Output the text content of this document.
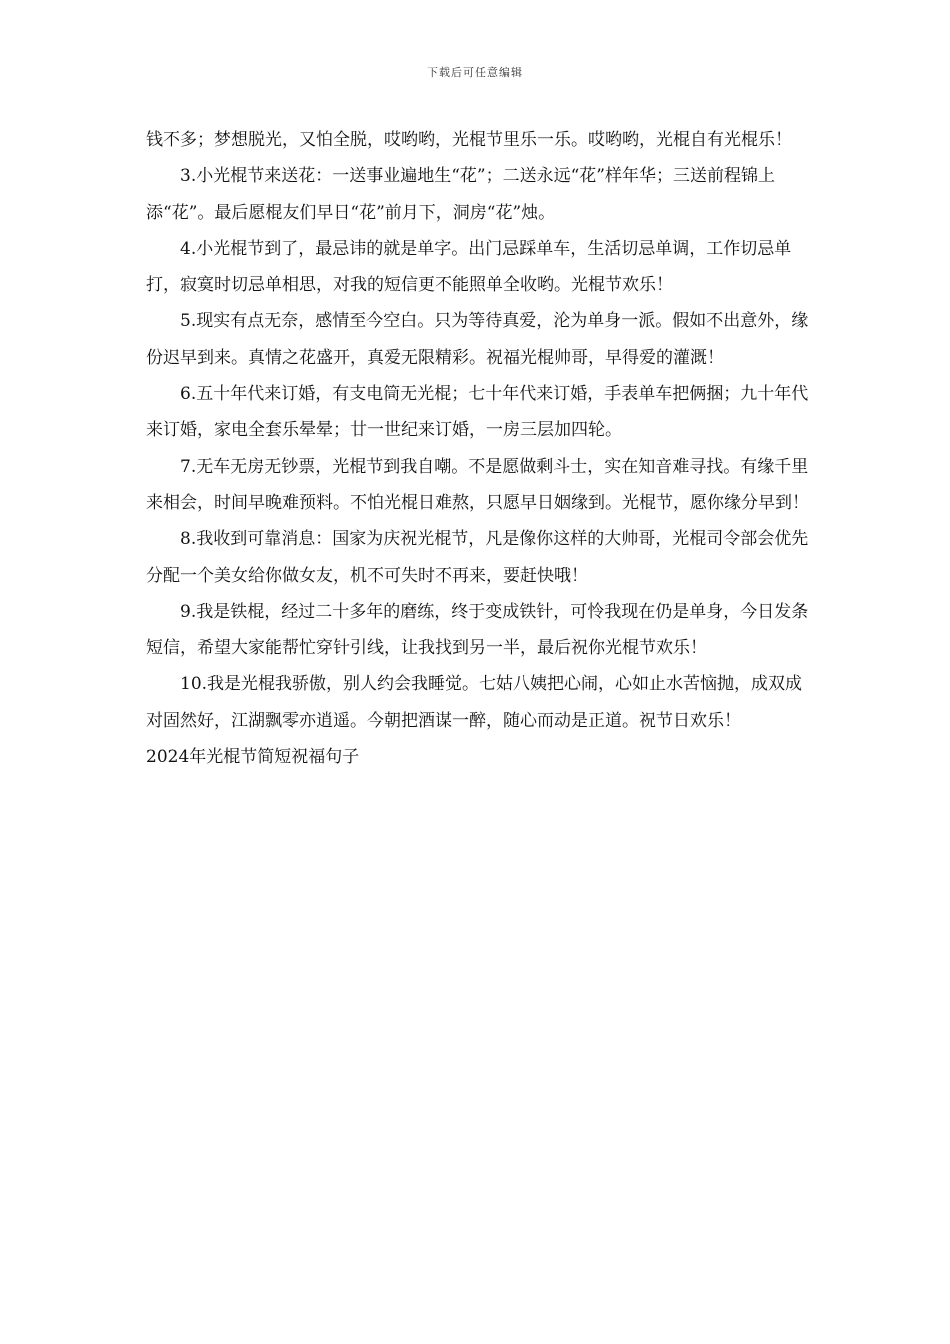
下载后可任意编辑

钱不多；梦想脱光，又怕全脱，哎哟哟，光棍节里乐一乐。哎哟哟，光棍自有光棍乐！

3.小光棍节来送花：一送事业遍地生“花”；二送永远“花”样年华；三送前程锦上添“花”。最后愿棍友们早日“花”前月下，洞房“花”烛。

4.小光棍节到了，最忌讳的就是单字。出门忌踩单车，生活切忌单调，工作切忌单打，寂寞时切忌单相思，对我的短信更不能照单全收哟。光棍节欢乐！

5.现实有点无奈，感情至今空白。只为等待真爱，沦为单身一派。假如不出意外，缘份迟早到来。真情之花盛开，真爱无限精彩。祝福光棍帅哥，早得爱的灌溉！

6.五十年代来订婚，有支电筒无光棍；七十年代来订婚，手表单车把俩捆；九十年代来订婚，家电全套乐晕晕；廿一世纪来订婚，一房三层加四轮。

7.无车无房无钞票，光棍节到我自嘲。不是愿做剩斗士，实在知音难寻找。有缘千里来相会，时间早晚难预料。不怕光棍日难熬，只愿早日姻缘到。光棍节，愿你缘分早到！

8.我收到可靠消息：国家为庆祝光棍节，凡是像你这样的大帅哥，光棍司令部会优先分配一个美女给你做女友，机不可失时不再来，要赶快哦！

9.我是铁棍，经过二十多年的磨练，终于变成铁针，可怜我现在仍是单身，今日发条短信，希望大家能帮忙穿针引线，让我找到另一半，最后祝你光棍节欢乐！

10.我是光棍我骄傲，别人约会我睡觉。七姑八姨把心闹，心如止水苦恼抛，成双成对固然好，江湖飘零亦逍遥。今朝把酒谋一醉，随心而动是正道。祝节日欢乐！

2024年光棍节简短祝福句子
